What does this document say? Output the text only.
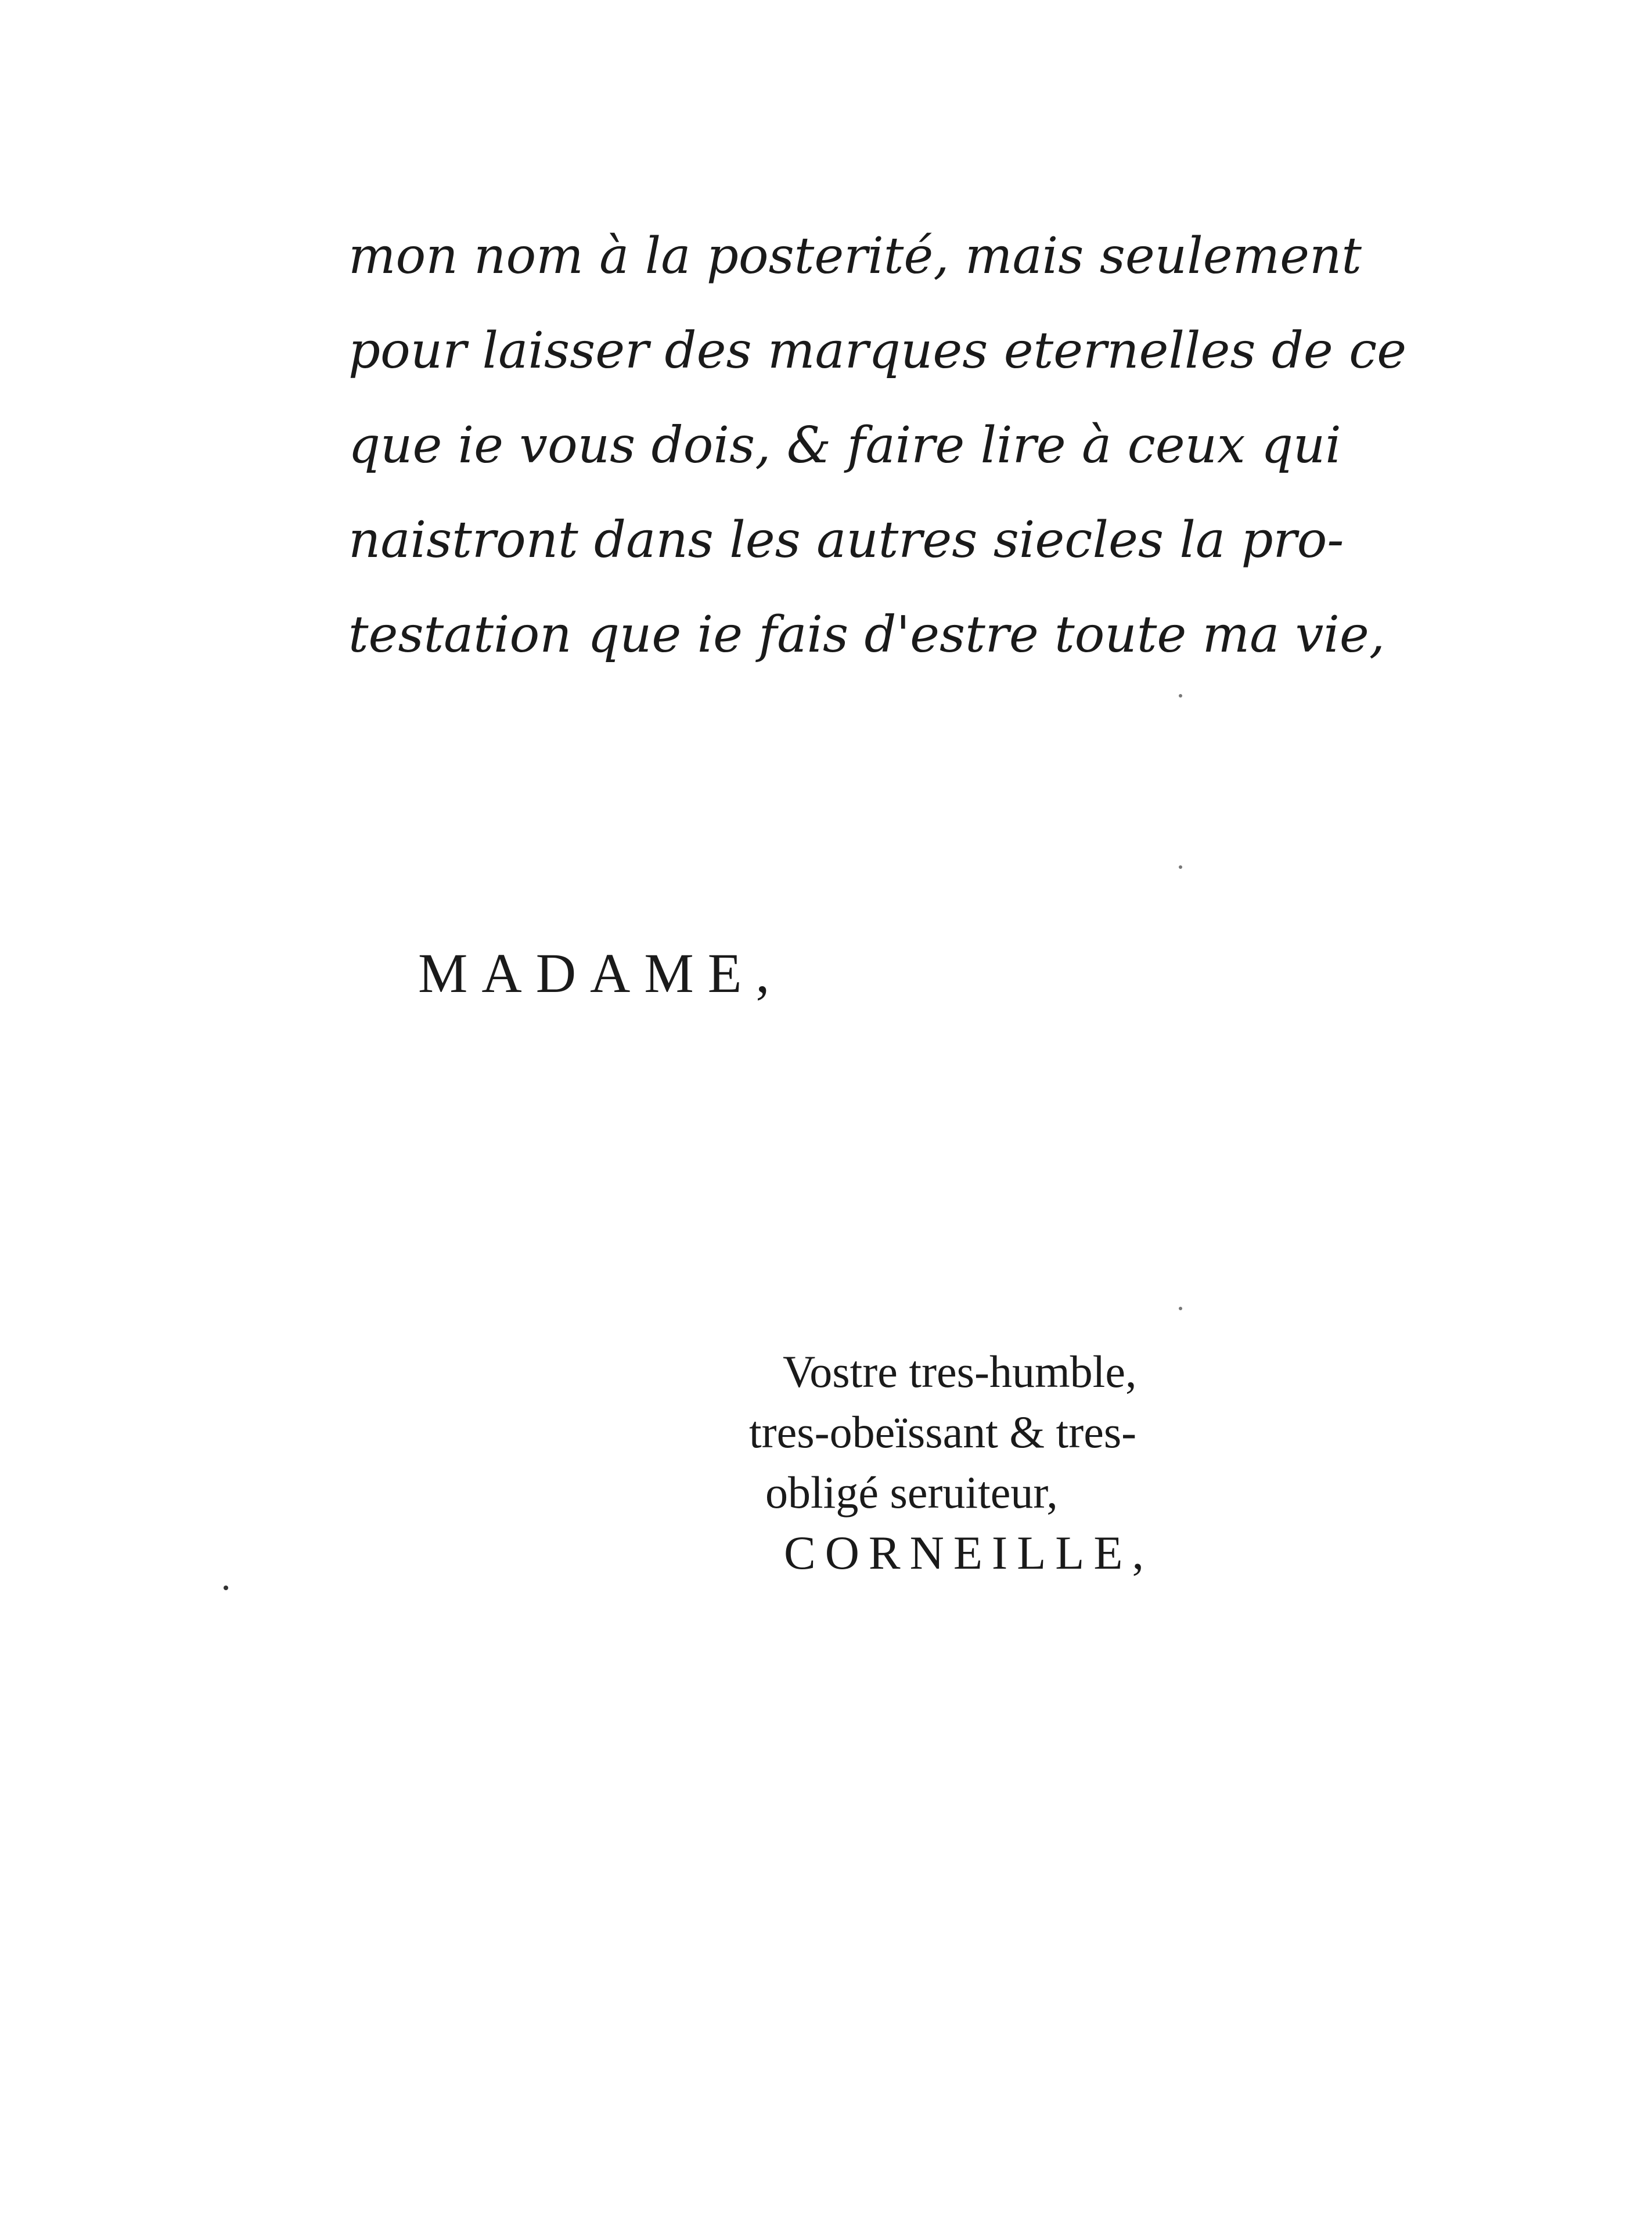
mon nom à la posterité, mais seulement
pour laisser des marques eternelles de ce
que ie vous dois, & faire lire à ceux qui
naistront dans les autres siecles la pro-
testation que ie fais d'estre toute ma vie,
MADAME,
Vostre tres-humble,
tres-obeïssant & tres-
obligé seruiteur,
CORNEILLE,
